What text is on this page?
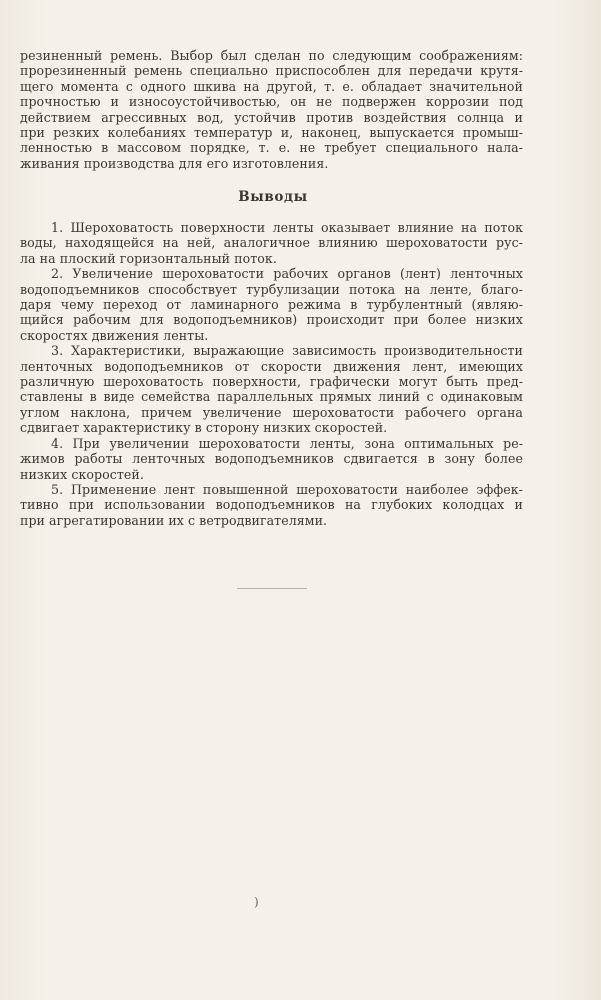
резиненный ремень. Выбор был сделан по следующим соображениям:
прорезиненный ремень специально приспособлен для передачи крутя-
щего момента с одного шкива на другой, т. е. обладает значительной
прочностью и износоустойчивостью, он не подвержен коррозии под
действием агрессивных вод, устойчив против воздействия солнца и
при резких колебаниях температур и, наконец, выпускается промыш-
ленностью в массовом порядке, т. е. не требует специального нала-
живания производства для его изготовления.
Выводы
1. Шероховатость поверхности ленты оказывает влияние на поток
воды, находящейся на ней, аналогичное влиянию шероховатости рус-
ла на плоский горизонтальный поток.
2. Увеличение шероховатости рабочих органов (лент) ленточных
водоподъемников способствует турбулизации потока на ленте, благо-
даря чему переход от ламинарного режима в турбулентный (являю-
щийся рабочим для водоподъемников) происходит при более низких
скоростях движения ленты.
3. Характеристики, выражающие зависимость производительности
ленточных водоподъемников от скорости движения лент, имеющих
различную шероховатость поверхности, графически могут быть пред-
ставлены в виде семейства параллельных прямых линий с одинаковым
углом наклона, причем увеличение шероховатости рабочего органа
сдвигает характеристику в сторону низких скоростей.
4. При увеличении шероховатости ленты, зона оптимальных ре-
жимов работы ленточных водоподъемников сдвигается в зону более
низких скоростей.
5. Применение лент повышенной шероховатости наиболее эффек-
тивно при использовании водоподъемников на глубоких колодцах и
при агрегатировании их с ветродвигателями.
)
